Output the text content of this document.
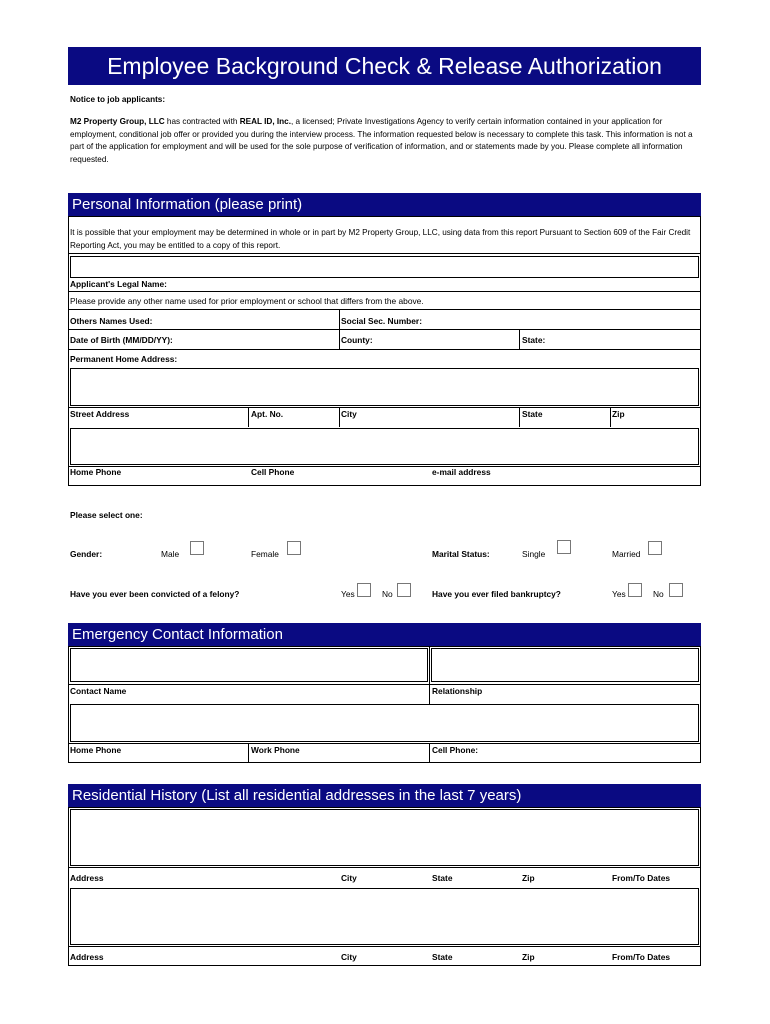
Employee Background Check & Release Authorization
Notice to job applicants:
M2 Property Group, LLC has contracted with REAL ID, Inc., a licensed; Private Investigations Agency to verify certain information contained in your application for employment, conditional job offer or provided you during the interview process. The information requested below is necessary to complete this task. This information is not a part of the application for employment and will be used for the sole purpose of verification of information, and or statements made by you. Please complete all information requested.
Personal Information (please print)
It is possible that your employment may be determined in whole or in part by M2 Property Group, LLC, using data from this report Pursuant to Section 609 of the Fair Credit Reporting Act, you may be entitled to a copy of this report.
Applicant's Legal Name:
Please provide any other name used for prior employment or school that differs from the above.
Others Names Used:	Social Sec. Number:
Date of Birth (MM/DD/YY):	County:	State:
Permanent Home Address:
Street Address	Apt. No.	City	State	Zip
Home Phone	Cell Phone	e-mail address
Please select one:
Gender:	Male	Female	Marital Status:	Single	Married
Have you ever been convicted of a felony?	Yes	No	Have you ever filed bankruptcy?	Yes	No
Emergency Contact Information
Contact Name	Relationship
Home Phone	Work Phone	Cell Phone:
Residential History (List all residential addresses in the last 7 years)
Address	City	State	Zip	From/To Dates
Address	City	State	Zip	From/To Dates
